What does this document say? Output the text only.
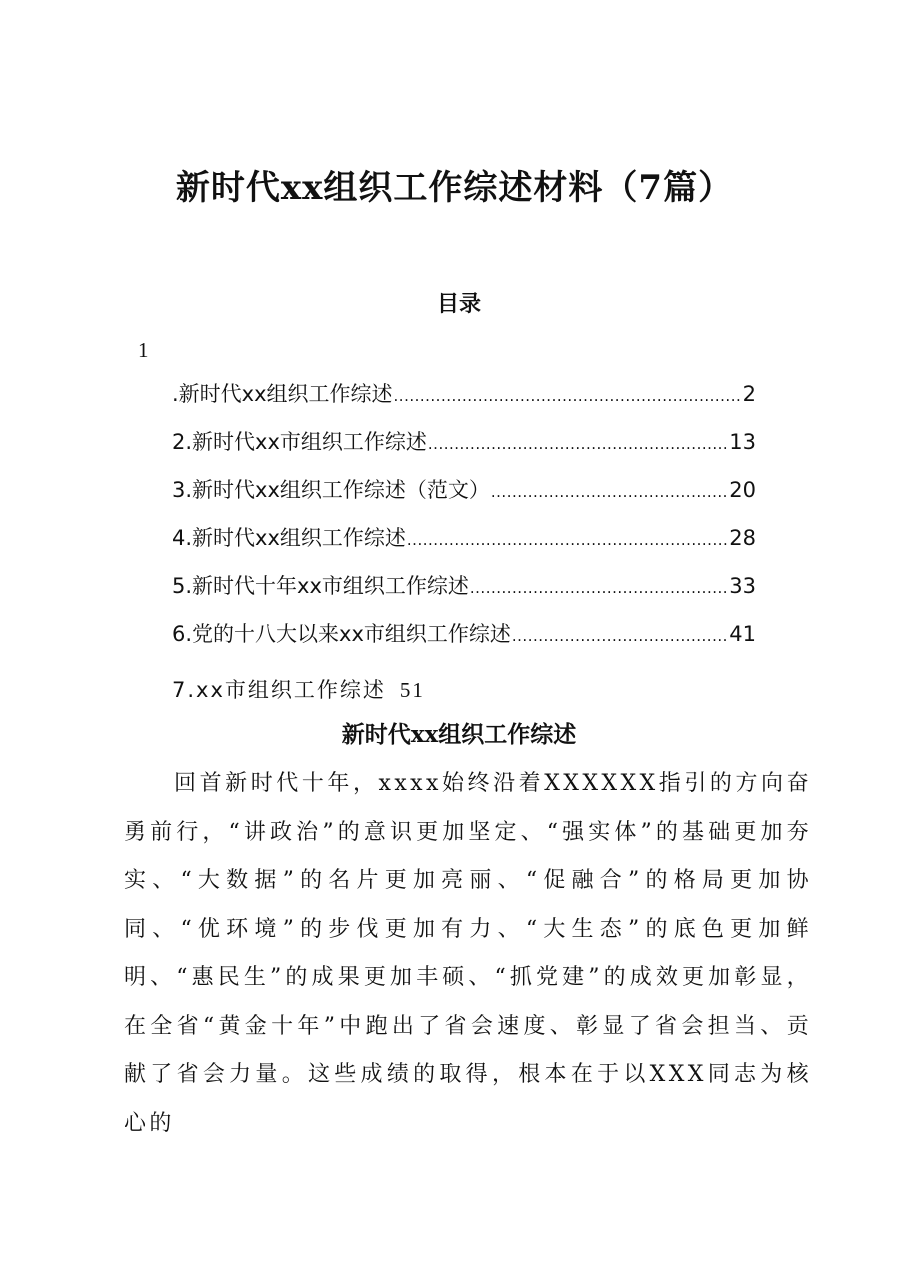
新时代xx组织工作综述材料（7篇）
目录
1
.新时代xx组织工作综述 .....	2
2.新时代xx市组织工作综述 .....	13
3.新时代xx组织工作综述（范文） .....	20
4.新时代xx组织工作综述 .....	28
5.新时代十年xx市组织工作综述 .....	33
6.党的十八大以来xx市组织工作综述 .....	41
7.xx市组织工作综述 51
新时代xx组织工作综述
回首新时代十年，xxxx始终沿着XXXXXX指引的方向奋勇前行，“讲政治”的意识更加坚定、“强实体”的基础更加夯实、“大数据”的名片更加亮丽、“促融合”的格局更加协同、“优环境”的步伐更加有力、“大生态”的底色更加鲜明、“惠民生”的成果更加丰硕、“抓党建”的成效更加彰显，在全省“黄金十年”中跑出了省会速度、彰显了省会担当、贡献了省会力量。这些成绩的取得，根本在于以XXX同志为核心的
